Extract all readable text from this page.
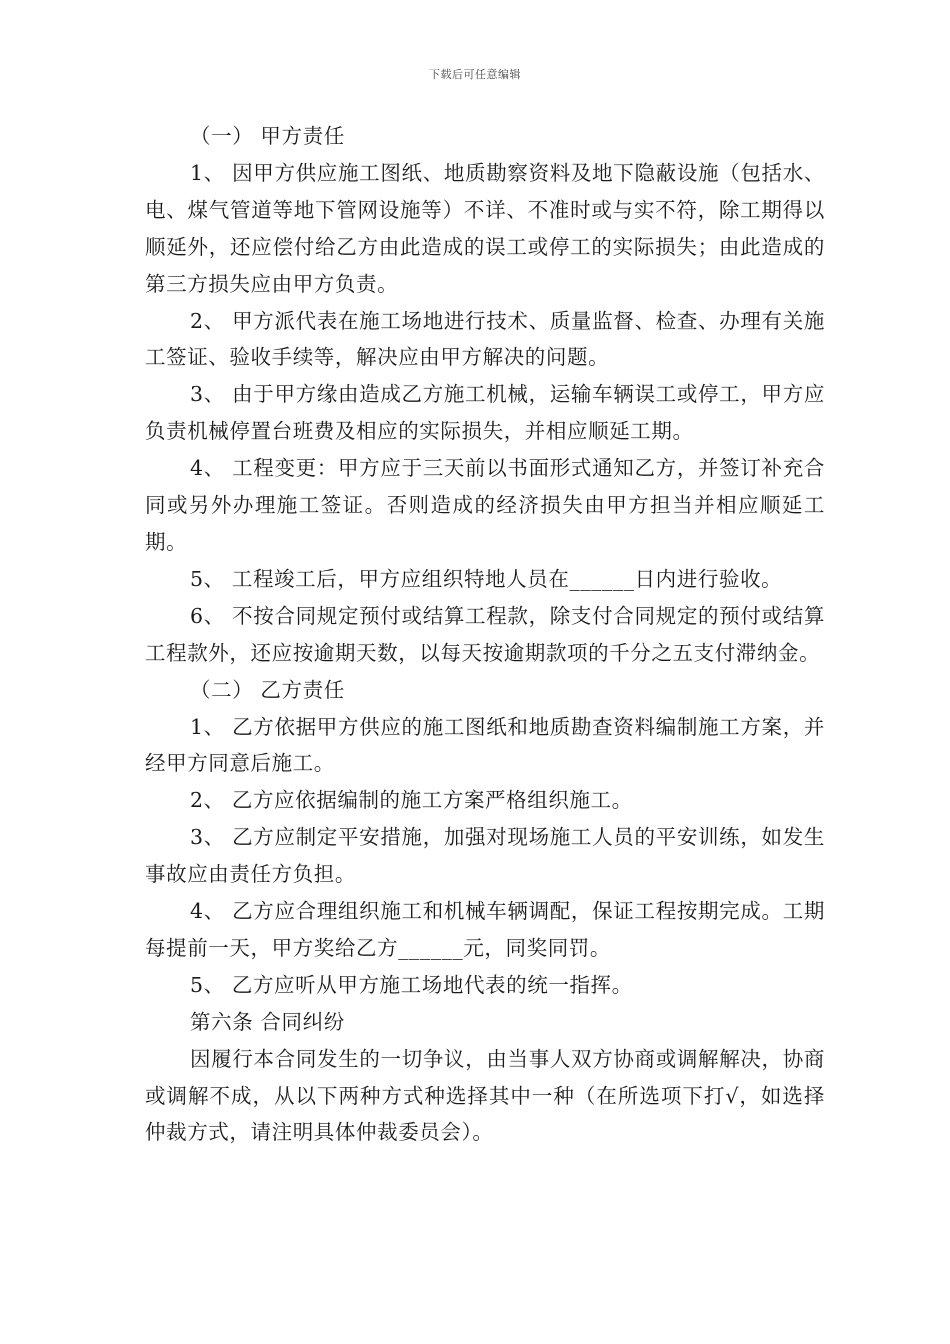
下载后可任意编辑

（一） 甲方责任

1、 因甲方供应施工图纸、地质勘察资料及地下隐蔽设施（包括水、电、煤气管道等地下管网设施等）不详、不准时或与实不符，除工期得以顺延外，还应偿付给乙方由此造成的误工或停工的实际损失；由此造成的第三方损失应由甲方负责。

2、 甲方派代表在施工场地进行技术、质量监督、检查、办理有关施工签证、验收手续等，解决应由甲方解决的问题。

3、 由于甲方缘由造成乙方施工机械，运输车辆误工或停工，甲方应负责机械停置台班费及相应的实际损失，并相应顺延工期。

4、 工程变更：甲方应于三天前以书面形式通知乙方，并签订补充合同或另外办理施工签证。否则造成的经济损失由甲方担当并相应顺延工期。

5、 工程竣工后，甲方应组织特地人员在______日内进行验收。

6、 不按合同规定预付或结算工程款，除支付合同规定的预付或结算工程款外，还应按逾期天数，以每天按逾期款项的千分之五支付滞纳金。

（二） 乙方责任

1、 乙方依据甲方供应的施工图纸和地质勘查资料编制施工方案，并经甲方同意后施工。

2、 乙方应依据编制的施工方案严格组织施工。

3、 乙方应制定平安措施，加强对现场施工人员的平安训练，如发生事故应由责任方负担。

4、 乙方应合理组织施工和机械车辆调配，保证工程按期完成。工期每提前一天，甲方奖给乙方______元，同奖同罚。

5、 乙方应听从甲方施工场地代表的统一指挥。

第六条 合同纠纷

因履行本合同发生的一切争议，由当事人双方协商或调解解决，协商或调解不成，从以下两种方式种选择其中一种（在所选项下打√，如选择仲裁方式，请注明具体仲裁委员会）。
